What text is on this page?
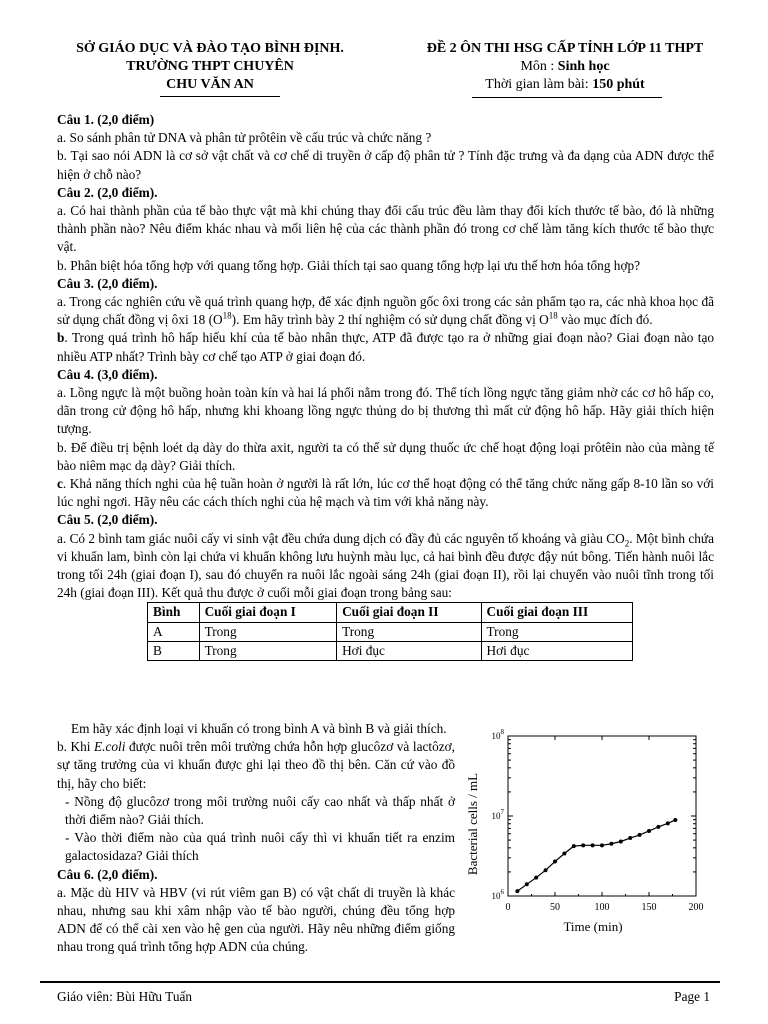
SỞ GIÁO DỤC VÀ ĐÀO TẠO BÌNH ĐỊNH.
TRƯỜNG THPT CHUYÊN
CHU VĂN AN
ĐỀ 2 ÔN THI HSG CẤP TỈNH LỚP 11 THPT
Môn : Sinh học
Thời gian làm bài: 150 phút

Câu 1. (2,0 điểm)

a. So sánh phân tử DNA và phân tử prôtêin về cấu trúc và chức năng ?

b. Tại sao nói ADN là cơ sở vật chất và cơ chế di truyền ở cấp độ phân tử ? Tính đặc trưng và đa dạng của ADN được thể hiện ở chỗ nào?

Câu 2. (2,0 điểm).

a. Có hai thành phần của tế bào thực vật mà khi chúng thay đổi cấu trúc đều làm thay đổi kích thước tế bào, đó là những thành phần nào? Nêu điểm khác nhau và mối liên hệ của các thành phần đó trong cơ chế làm tăng kích thước tế bào thực vật.

b. Phân biệt hóa tổng hợp với quang tổng hợp. Giải thích tại sao quang tổng hợp lại ưu thế hơn hóa tổng hợp?

Câu 3. (2,0 điểm).

a. Trong các nghiên cứu về quá trình quang hợp, để xác định nguồn gốc ôxi trong các sản phẩm tạo ra, các nhà khoa học đã sử dụng chất đồng vị ôxi 18 $(O^{18})$. Em hãy trình bày 2 thí nghiệm có sử dụng chất đồng vị $O^{18}$ vào mục đích đó.

b. Trong quá trình hô hấp hiếu khí của tế bào nhân thực, ATP đã được tạo ra ở những giai đoạn nào? Giai đoạn nào tạo nhiều ATP nhất? Trình bày cơ chế tạo ATP ở giai đoạn đó.

Câu 4. (3,0 điểm).

a. Lồng ngực là một buồng hoàn toàn kín và hai lá phổi nằm trong đó. Thể tích lồng ngực tăng giảm nhờ các cơ hô hấp co, dãn trong cử động hô hấp, nhưng khi khoang lồng ngực thủng do bị thương thì mất cử động hô hấp. Hãy giải thích hiện tượng.

b. Để điều trị bệnh loét dạ dày do thừa axit, người ta có thể sử dụng thuốc ức chế hoạt động loại prôtêin nào của màng tế bào niêm mạc dạ dày? Giải thích.

c. Khả năng thích nghi của hệ tuần hoàn ở người là rất lớn, lúc cơ thể hoạt động có thể tăng chức năng gấp 8-10 lần so với lúc nghỉ ngơi. Hãy nêu các cách thích nghi của hệ mạch và tim với khả năng này.

Câu 5. (2,0 điểm).

a. Có 2 bình tam giác nuôi cấy vi sinh vật đều chứa dung dịch có đầy đủ các nguyên tố khoáng và giàu $CO_2$. Một bình chứa vi khuẩn lam, bình còn lại chứa vi khuẩn không lưu huỳnh màu lục, cả hai bình đều được đậy nút bông. Tiến hành nuôi lắc trong tối 24h (giai đoạn I), sau đó chuyển ra nuôi lắc ngoài sáng 24h (giai đoạn II), rồi lại chuyển vào nuôi tĩnh trong tối 24h (giai đoạn III). Kết quả thu được ở cuối mỗi giai đoạn trong bảng sau:

Bình	Cuối giai đoạn I	Cuối giai đoạn II	Cuối giai đoạn III
A	Trong	Trong	Trong
B	Trong	Hơi đục	Hơi đục

Em hãy xác định loại vi khuẩn có trong bình A và bình B và giải thích.

b. Khi E.coli được nuôi trên môi trường chứa hỗn hợp glucôzơ và lactôzơ, sự tăng trưởng của vi khuẩn được ghi lại theo đồ thị bên. Căn cứ vào đồ thị, hãy cho biết:

- Nồng độ glucôzơ trong môi trường nuôi cấy cao nhất và thấp nhất ở thời điểm nào? Giải thích.

- Vào thời điểm nào của quá trình nuôi cấy thì vi khuẩn tiết ra enzim galactosidaza? Giải thích

Câu 6. (2,0 điểm).

a. Mặc dù HIV và HBV (vi rút viêm gan B) có vật chất di truyền là khác nhau, nhưng sau khi xâm nhập vào tế bào người, chúng đều tổng hợp ADN để có thể cài xen vào hệ gen của người. Hãy nêu những điểm giống nhau trong quá trình tổng hợp ADN của chúng.

0	50	100	150	200
$10^6$
$10^7$
$10^8$
Time (min)
Bacterial cells / mL
Giáo viên: Bùi Hữu Tuấn	Page 1
